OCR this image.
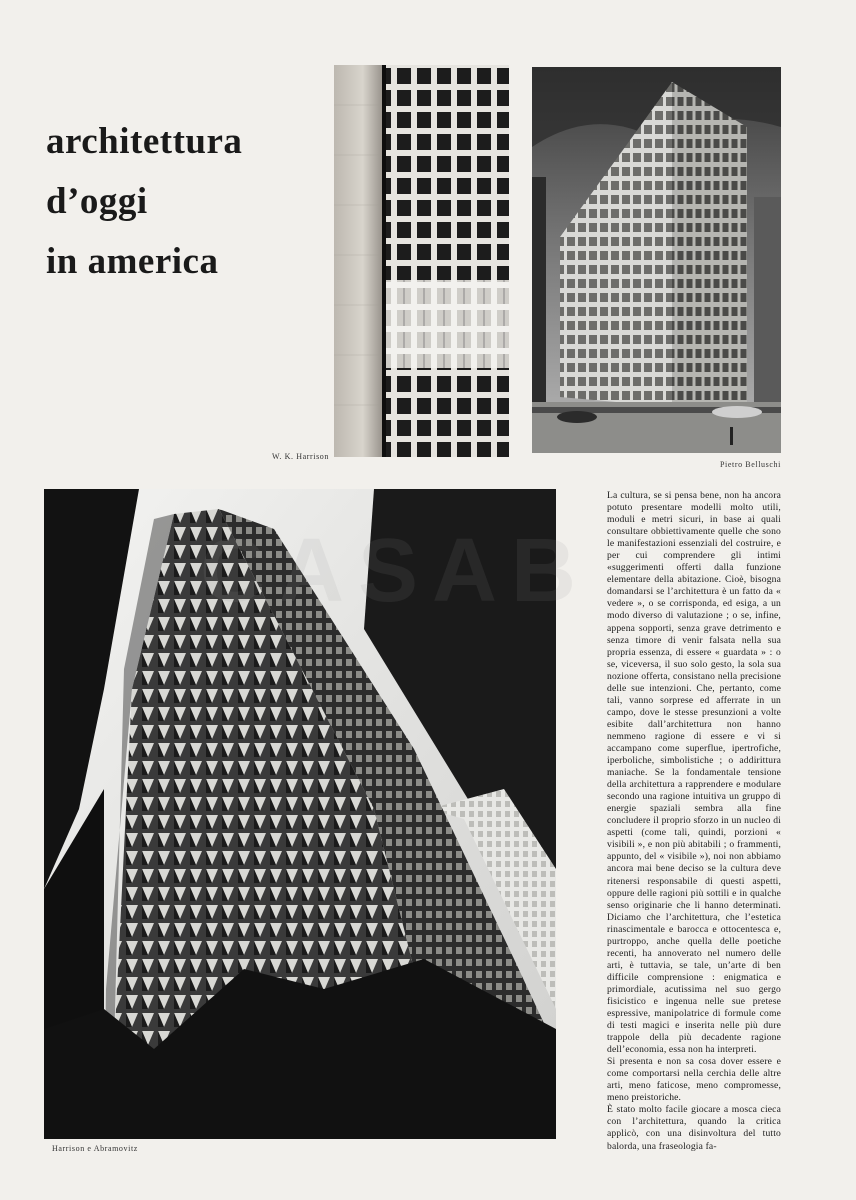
architettura
d’oggi
in america
W. K. Harrison
Pietro Belluschi
Harrison e Abramovitz

La cultura, se si pensa bene, non ha ancora potuto presentare modelli molto utili, moduli e metri sicuri, in base ai quali consultare obbiettivamente quelle che sono le manifestazioni essenziali del costruire, e per cui comprendere gli intimi «suggerimenti offerti dalla funzione elementare della abitazione. Cioè, bisogna domandarsi se l’architettura è un fatto da « vedere », o se corrisponda, ed esiga, a un modo diverso di valutazione ; o se, infine, appena sopporti, senza grave detrimento e senza timore di venir falsata nella sua propria essenza, di essere « guardata » : o se, viceversa, il suo solo gesto, la sola sua nozione offerta, consistano nella precisione delle sue intenzioni. Che, pertanto, come tali, vanno sorprese ed afferrate in un campo, dove le stesse presunzioni a volte esibite dall’architettura non hanno nemmeno ragione di essere e vi si accampano come superflue, ipertrofiche, iperboliche, simbolistiche ; o addirittura maniache. Se la fondamentale tensione della architettura a rapprendere e modulare secondo una ragione intuitiva un gruppo di energie spaziali sembra alla fine concludere il proprio sforzo in un nucleo di aspetti (come tali, quindi, porzioni « visibili », e non più abitabili ; o frammenti, appunto, del « visibile »), noi non abbiamo ancora mai bene deciso se la cultura deve ritenersi responsabile di questi aspetti, oppure delle ragioni più sottili e in qualche senso originarie che li hanno determinati. Diciamo che l’architettura, che l’estetica rinascimentale e barocca e ottocentesca e, purtroppo, anche quella delle poetiche recenti, ha annoverato nel numero delle arti, è tuttavia, se tale, un’arte di ben difficile comprensione : enigmatica e primordiale, acutissima nel suo gergo fisicistico e ingenua nelle sue pretese espressive, manipolatrice di formule come di testi magici e inserita nelle più dure trappole della più decadente ragione dell’economia, essa non ha interpreti.

Si presenta e non sa cosa dover essere e come comportarsi nella cerchia delle altre arti, meno faticose, meno compromesse, meno preistoriche.

È stato molto facile giocare a mosca cieca con l’architettura, quando la critica applicò, con una disinvoltura del tutto balorda, una fraseologia fa-
